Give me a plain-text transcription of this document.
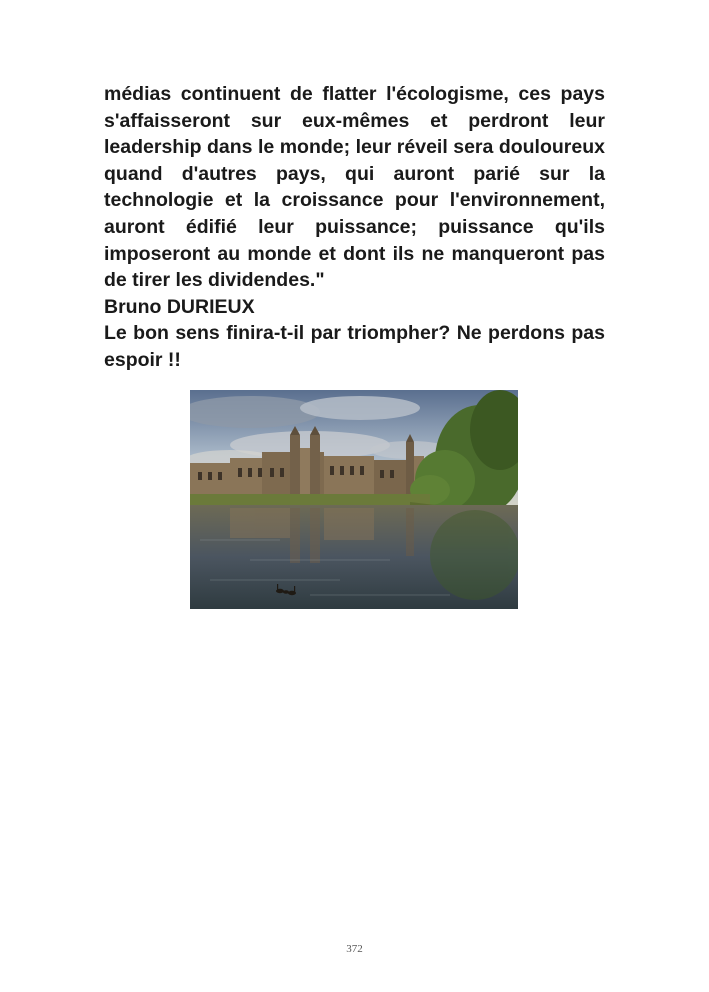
médias continuent de flatter l'écologisme, ces pays s'affaisseront sur eux-mêmes et perdront leur leadership dans le monde; leur réveil sera douloureux quand d'autres pays, qui auront parié sur la technologie et la croissance pour l'environnement, auront édifié leur puissance; puissance qu'ils imposeront au monde et dont ils ne manqueront pas de tirer les dividendes."

Bruno DURIEUX

Le bon sens finira-t-il par triompher? Ne perdons pas espoir !!

372
